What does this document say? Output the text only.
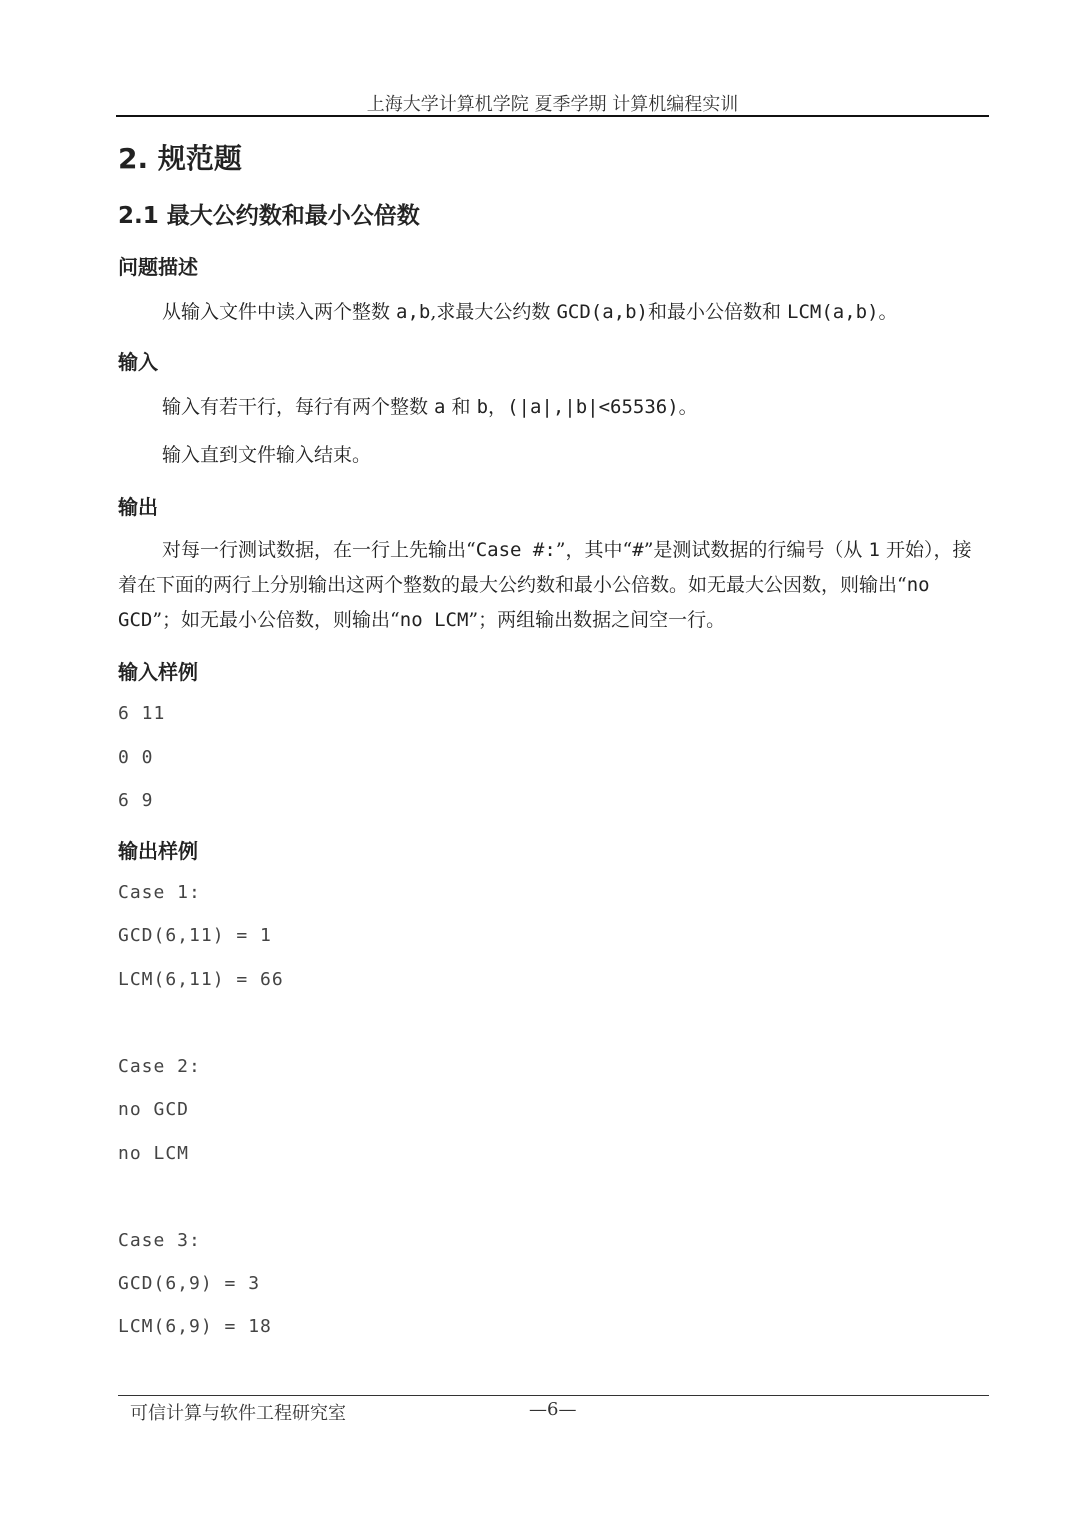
上海大学计算机学院 夏季学期 计算机编程实训
2. 规范题
2.1 最大公约数和最小公倍数
问题描述
从输入文件中读入两个整数 a,b,求最大公约数 GCD(a,b)和最小公倍数和 LCM(a,b)。
输入
输入有若干行，每行有两个整数 a 和 b，(|a|,|b|<65536)。
输入直到文件输入结束。
输出
对每一行测试数据，在一行上先输出“Case #:”，其中“#”是测试数据的行编号（从 1 开始），接着在下面的两行上分别输出这两个整数的最大公约数和最小公倍数。如无最大公因数，则输出“no GCD”；如无最小公倍数，则输出“no LCM”；两组输出数据之间空一行。
输入样例
6 11
0 0
6 9
输出样例
Case 1:
GCD(6,11) = 1
LCM(6,11) = 66
Case 2:
no GCD
no LCM
Case 3:
GCD(6,9) = 3
LCM(6,9) = 18
可信计算与软件工程研究室	—6—
